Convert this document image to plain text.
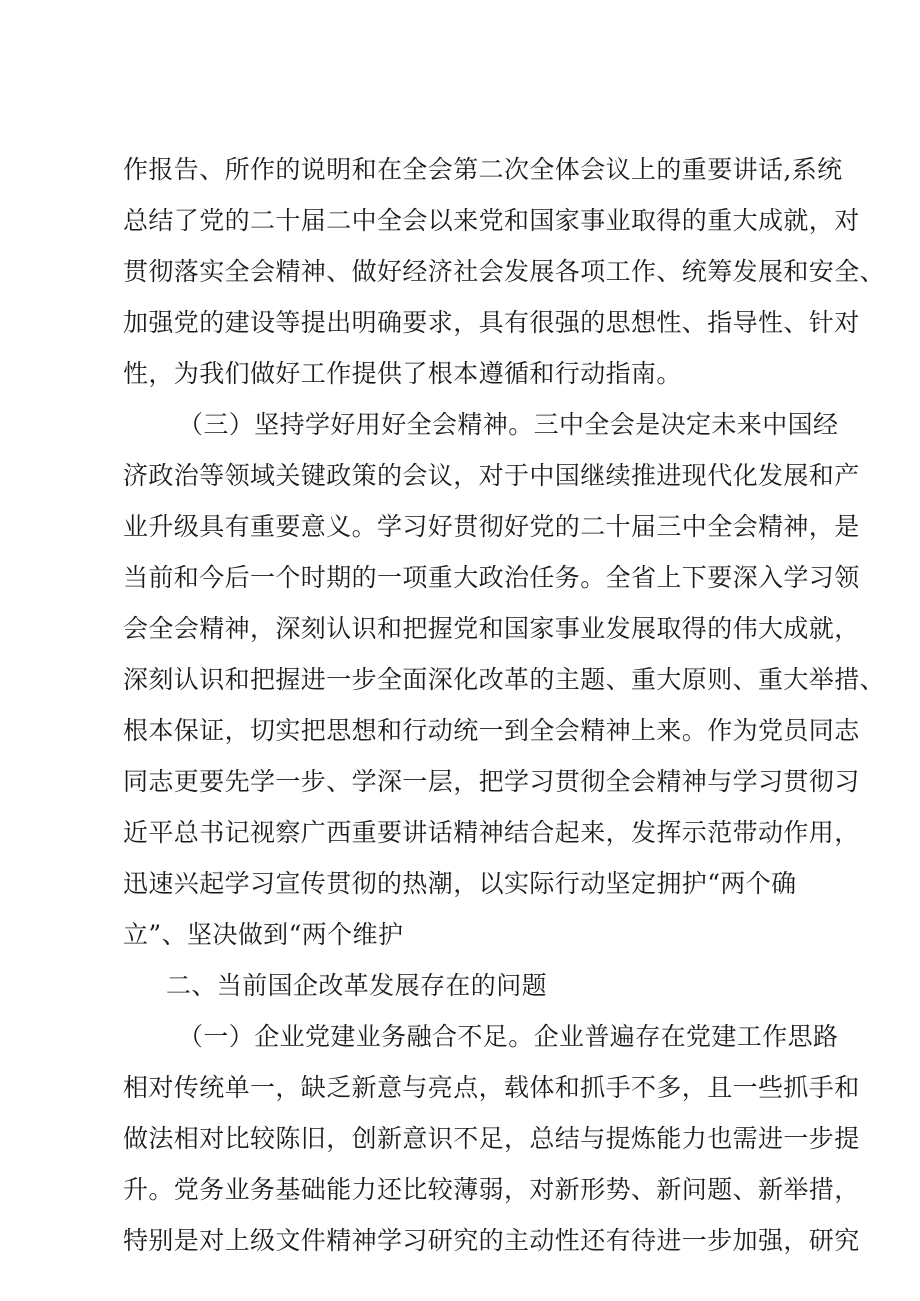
作报告、所作的说明和在全会第二次全体会议上的重要讲话,系统
总结了党的二十届二中全会以来党和国家事业取得的重大成就，对
贯彻落实全会精神、做好经济社会发展各项工作、统筹发展和安全、
加强党的建设等提出明确要求，具有很强的思想性、指导性、针对
性，为我们做好工作提供了根本遵循和行动指南。
（三）坚持学好用好全会精神。三中全会是决定未来中国经
济政治等领域关键政策的会议，对于中国继续推进现代化发展和产
业升级具有重要意义。学习好贯彻好党的二十届三中全会精神，是
当前和今后一个时期的一项重大政治任务。全省上下要深入学习领
会全会精神，深刻认识和把握党和国家事业发展取得的伟大成就，
深刻认识和把握进一步全面深化改革的主题、重大原则、重大举措、
根本保证，切实把思想和行动统一到全会精神上来。作为党员同志
同志更要先学一步、学深一层，把学习贯彻全会精神与学习贯彻习
近平总书记视察广西重要讲话精神结合起来，发挥示范带动作用，
迅速兴起学习宣传贯彻的热潮，以实际行动坚定拥护“两个确
立”、坚决做到“两个维护
二、当前国企改革发展存在的问题
（一）企业党建业务融合不足。企业普遍存在党建工作思路
相对传统单一，缺乏新意与亮点，载体和抓手不多，且一些抓手和
做法相对比较陈旧，创新意识不足，总结与提炼能力也需进一步提
升。党务业务基础能力还比较薄弱，对新形势、新问题、新举措，
特别是对上级文件精神学习研究的主动性还有待进一步加强，研究
